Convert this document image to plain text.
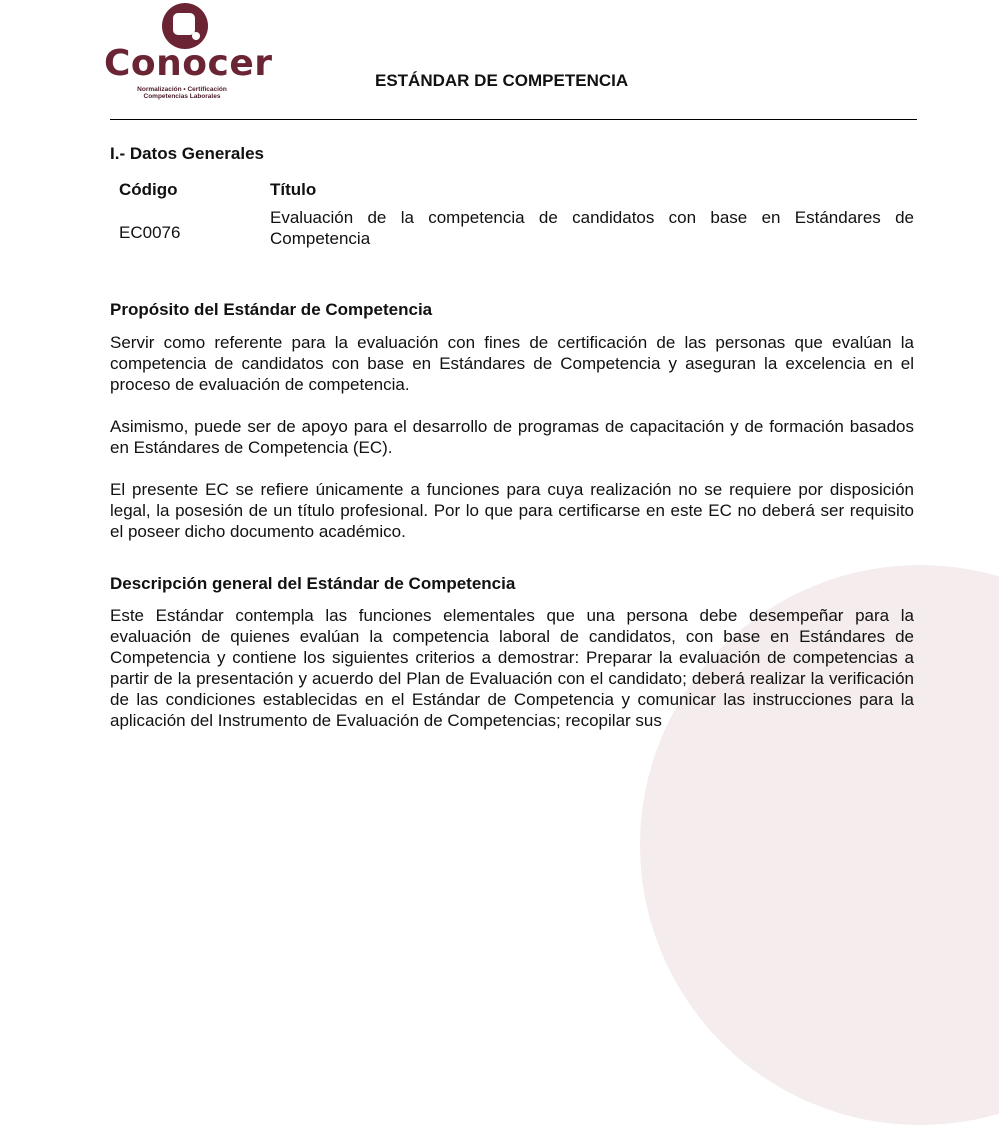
Conocer
Normalización • Certificación
Competencias Laborales
ESTÁNDAR DE COMPETENCIA
I.- Datos Generales
Código	Título
EC0076
Evaluación de la competencia de candidatos con base en Estándares de Competencia
Propósito del Estándar de Competencia

Servir como referente para la evaluación con fines de certificación de las personas que evalúan la competencia de candidatos con base en Estándares de Competencia y aseguran la excelencia en el proceso de evaluación de competencia.

Asimismo, puede ser de apoyo para el desarrollo de programas de capacitación y de formación basados en Estándares de Competencia (EC).

El presente EC se refiere únicamente a funciones para cuya realización no se requiere por disposición legal, la posesión de un título profesional. Por lo que para certificarse en este EC no deberá ser requisito el poseer dicho documento académico.

Descripción general del Estándar de Competencia

Este Estándar contempla las funciones elementales que una persona debe desempeñar para la evaluación de quienes evalúan la competencia laboral de candidatos, con base en Estándares de Competencia y contiene los siguientes criterios a demostrar: Preparar la evaluación de competencias a partir de la presentación y acuerdo del Plan de Evaluación con el candidato; deberá realizar la verificación de las condiciones establecidas en el Estándar de Competencia y comunicar las instrucciones para la aplicación del Instrumento de Evaluación de Competencias; recopilar sus
